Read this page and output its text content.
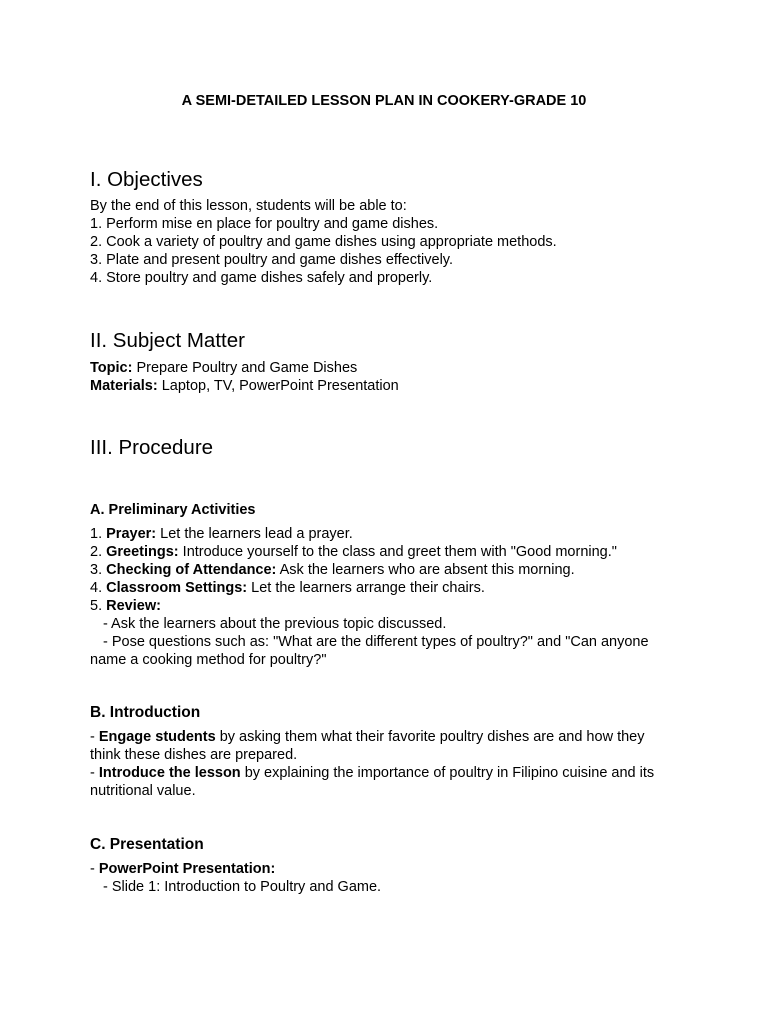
A SEMI-DETAILED LESSON PLAN IN COOKERY-GRADE 10
I. Objectives
By the end of this lesson, students will be able to:
1. Perform mise en place for poultry and game dishes.
2. Cook a variety of poultry and game dishes using appropriate methods.
3. Plate and present poultry and game dishes effectively.
4. Store poultry and game dishes safely and properly.
II. Subject Matter
Topic: Prepare Poultry and Game Dishes
Materials: Laptop, TV, PowerPoint Presentation
III. Procedure
A. Preliminary Activities
1. Prayer: Let the learners lead a prayer.
2. Greetings: Introduce yourself to the class and greet them with "Good morning."
3. Checking of Attendance: Ask the learners who are absent this morning.
4. Classroom Settings: Let the learners arrange their chairs.
5. Review:
- Ask the learners about the previous topic discussed.
- Pose questions such as: "What are the different types of poultry?" and "Can anyone
name a cooking method for poultry?"
B. Introduction
- Engage students by asking them what their favorite poultry dishes are and how they
think these dishes are prepared.
- Introduce the lesson by explaining the importance of poultry in Filipino cuisine and its
nutritional value.
C. Presentation
- PowerPoint Presentation:
- Slide 1: Introduction to Poultry and Game.
